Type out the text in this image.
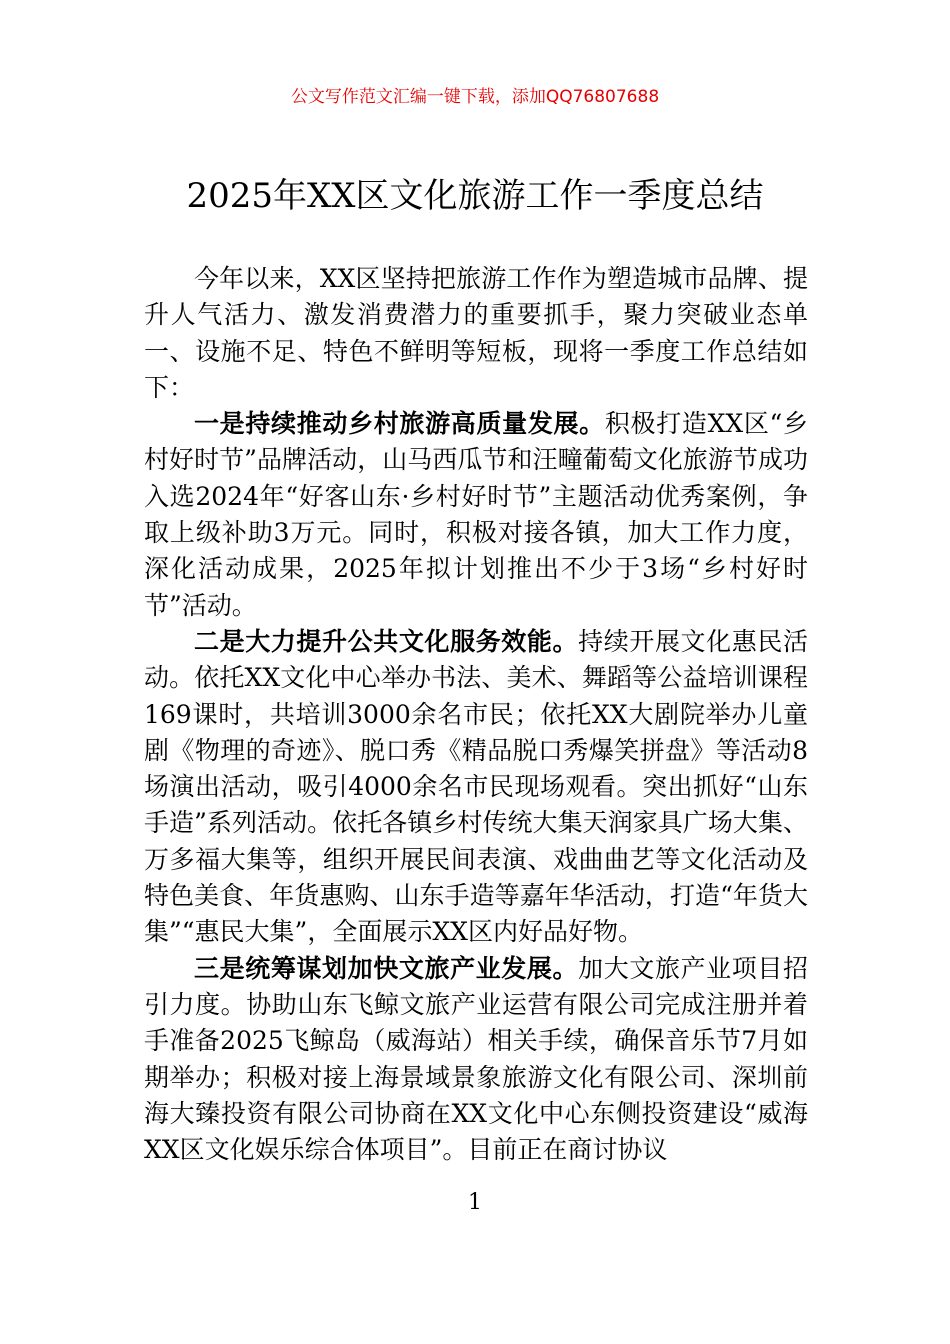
公文写作范文汇编一键下载，添加QQ76807688
2025年XX区文化旅游工作一季度总结

今年以来，XX区坚持把旅游工作作为塑造城市品牌、提升人气活力、激发消费潜力的重要抓手，聚力突破业态单一、设施不足、特色不鲜明等短板，现将一季度工作总结如下：

一是持续推动乡村旅游高质量发展。积极打造XX区“乡村好时节”品牌活动，山马西瓜节和汪疃葡萄文化旅游节成功入选2024年“好客山东·乡村好时节”主题活动优秀案例，争取上级补助3万元。同时，积极对接各镇，加大工作力度，深化活动成果，2025年拟计划推出不少于3场“乡村好时节”活动。

二是大力提升公共文化服务效能。持续开展文化惠民活动。依托XX文化中心举办书法、美术、舞蹈等公益培训课程169课时，共培训3000余名市民；依托XX大剧院举办儿童剧《物理的奇迹》、脱口秀《精品脱口秀爆笑拼盘》等活动8场演出活动，吸引4000余名市民现场观看。突出抓好“山东手造”系列活动。依托各镇乡村传统大集天润家具广场大集、万多福大集等，组织开展民间表演、戏曲曲艺等文化活动及特色美食、年货惠购、山东手造等嘉年华活动，打造“年货大集”“惠民大集”，全面展示XX区内好品好物。

三是统筹谋划加快文旅产业发展。加大文旅产业项目招引力度。协助山东飞鲸文旅产业运营有限公司完成注册并着手准备2025飞鲸岛（威海站）相关手续，确保音乐节7月如期举办；积极对接上海景域景象旅游文化有限公司、深圳前海大臻投资有限公司协商在XX文化中心东侧投资建设“威海XX区文化娱乐综合体项目”。目前正在商讨协议

1
